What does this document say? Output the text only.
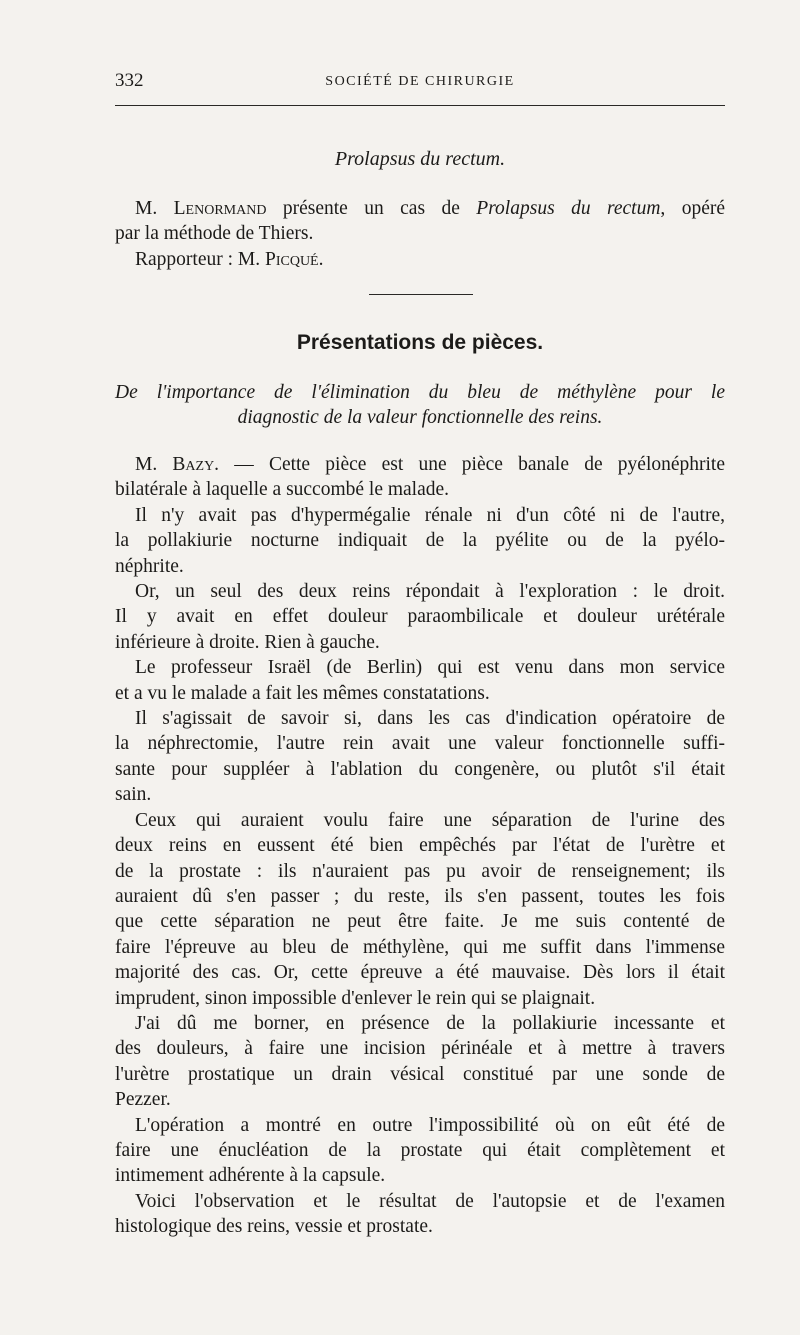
332	SOCIÉTÉ DE CHIRURGIE
Prolapsus du rectum.
M. Lenormand présente un cas de Prolapsus du rectum, opéré
par la méthode de Thiers.
Rapporteur : M. Picqué.
Présentations de pièces.
De l'importance de l'élimination du bleu de méthylène pour le
diagnostic de la valeur fonctionnelle des reins.
M. Bazy. — Cette pièce est une pièce banale de pyélonéphrite
bilatérale à laquelle a succombé le malade.
Il n'y avait pas d'hypermégalie rénale ni d'un côté ni de l'autre,
la pollakiurie nocturne indiquait de la pyélite ou de la pyélo-
néphrite.
Or, un seul des deux reins répondait à l'exploration : le droit.
Il y avait en effet douleur paraombilicale et douleur urétérale
inférieure à droite. Rien à gauche.
Le professeur Israël (de Berlin) qui est venu dans mon service
et a vu le malade a fait les mêmes constatations.
Il s'agissait de savoir si, dans les cas d'indication opératoire de
la néphrectomie, l'autre rein avait une valeur fonctionnelle suffi-
sante pour suppléer à l'ablation du congenère, ou plutôt s'il était
sain.
Ceux qui auraient voulu faire une séparation de l'urine des
deux reins en eussent été bien empêchés par l'état de l'urètre et
de la prostate : ils n'auraient pas pu avoir de renseignement; ils
auraient dû s'en passer ; du reste, ils s'en passent, toutes les fois
que cette séparation ne peut être faite. Je me suis contenté de
faire l'épreuve au bleu de méthylène, qui me suffit dans l'immense
majorité des cas. Or, cette épreuve a été mauvaise. Dès lors il était
imprudent, sinon impossible d'enlever le rein qui se plaignait.
J'ai dû me borner, en présence de la pollakiurie incessante et
des douleurs, à faire une incision périnéale et à mettre à travers
l'urètre prostatique un drain vésical constitué par une sonde de
Pezzer.
L'opération a montré en outre l'impossibilité où on eût été de
faire une énucléation de la prostate qui était complètement et
intimement adhérente à la capsule.
Voici l'observation et le résultat de l'autopsie et de l'examen
histologique des reins, vessie et prostate.
